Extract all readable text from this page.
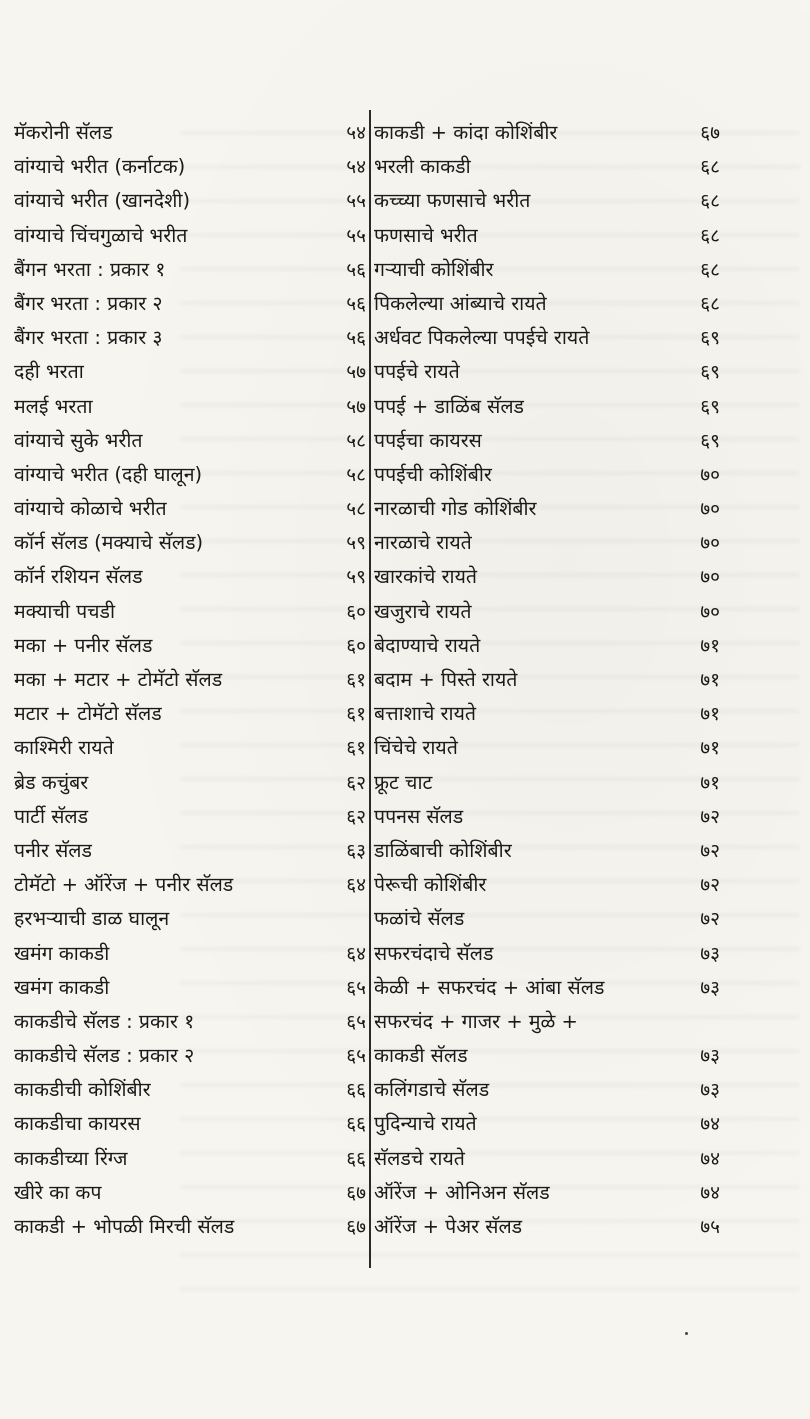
मॅकरोनी सॅलड	५४
वांग्याचे भरीत (कर्नाटक)	५४
वांग्याचे भरीत (खानदेशी)	५५
वांग्याचे चिंचगुळाचे भरीत	५५
बैंगन भरता : प्रकार १	५६
बैंगर भरता : प्रकार २	५६
बैंगर भरता : प्रकार ३	५६
दही भरता	५७
मलई भरता	५७
वांग्याचे सुके भरीत	५८
वांग्याचे भरीत (दही घालून)	५८
वांग्याचे कोळाचे भरीत	५८
कॉर्न सॅलड (मक्याचे सॅलड)	५९
कॉर्न रशियन सॅलड	५९
मक्याची पचडी	६०
मका + पनीर सॅलड	६०
मका + मटार + टोमॅटो सॅलड	६१
मटार + टोमॅटो सॅलड	६१
काश्मिरी रायते	६१
ब्रेड कचुंबर	६२
पार्टी सॅलड	६२
पनीर सॅलड	६३
टोमॅटो + ऑरेंज + पनीर सॅलड	६४
हरभऱ्याची डाळ घालून
खमंग काकडी	६४
खमंग काकडी	६५
काकडीचे सॅलड : प्रकार १	६५
काकडीचे सॅलड : प्रकार २	६५
काकडीची कोशिंबीर	६६
काकडीचा कायरस	६६
काकडीच्या रिंग्ज	६६
खीरे का कप	६७
काकडी + भोपळी मिरची सॅलड	६७
काकडी + कांदा कोशिंबीर	६७
भरली काकडी	६८
कच्च्या फणसाचे भरीत	६८
फणसाचे भरीत	६८
गऱ्याची कोशिंबीर	६८
पिकलेल्या आंब्याचे रायते	६८
अर्धवट पिकलेल्या पपईचे रायते	६९
पपईचे रायते	६९
पपई + डाळिंब सॅलड	६९
पपईचा कायरस	६९
पपईची कोशिंबीर	७०
नारळाची गोड कोशिंबीर	७०
नारळाचे रायते	७०
खारकांचे रायते	७०
खजुराचे रायते	७०
बेदाण्याचे रायते	७१
बदाम + पिस्ते रायते	७१
बत्ताशाचे रायते	७१
चिंचेचे रायते	७१
फ्रूट चाट	७१
पपनस सॅलड	७२
डाळिंबाची कोशिंबीर	७२
पेरूची कोशिंबीर	७२
फळांचे सॅलड	७२
सफरचंदाचे सॅलड	७३
केळी + सफरचंद + आंबा सॅलड	७३
सफरचंद + गाजर + मुळे +
काकडी सॅलड	७३
कलिंगडाचे सॅलड	७३
पुदिन्याचे रायते	७४
सॅलडचे रायते	७४
ऑरेंज + ओनिअन सॅलड	७४
ऑरेंज + पेअर सॅलड	७५
